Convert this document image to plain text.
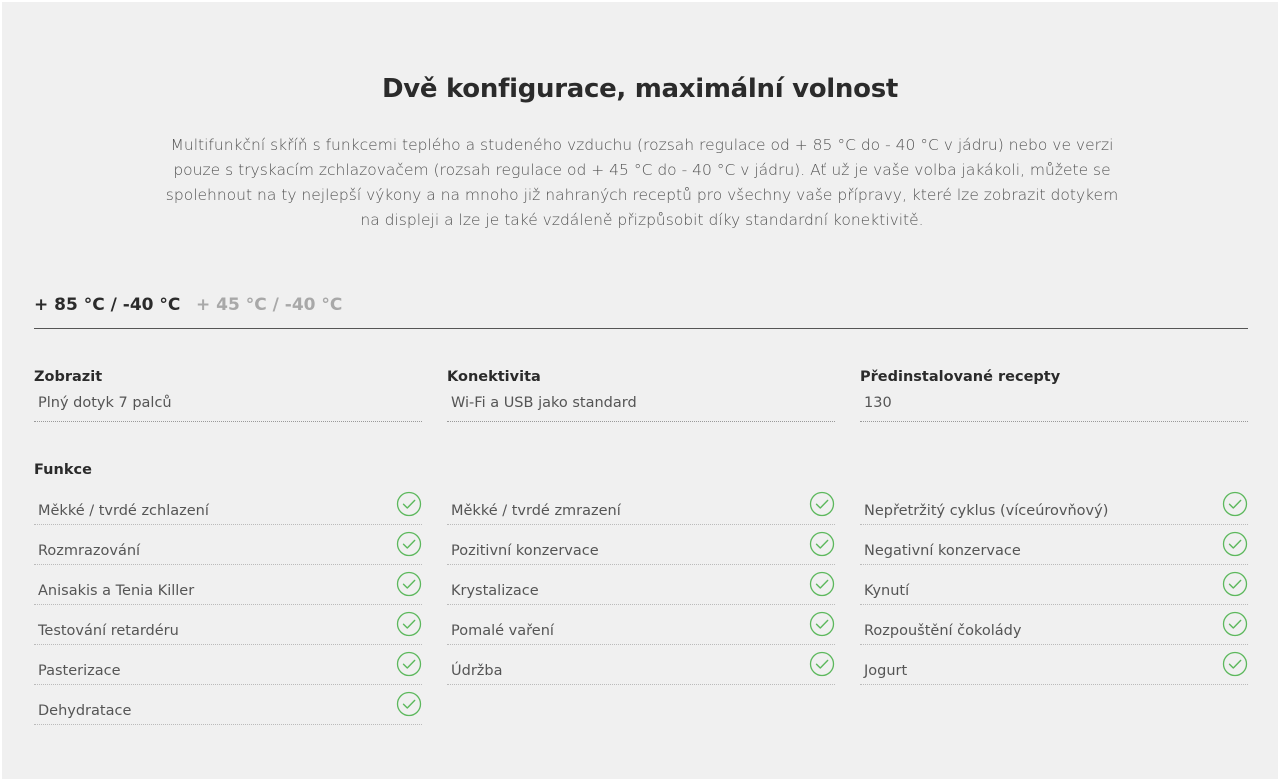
Dvě konfigurace, maximální volnost

Multifunkční skříň s funkcemi teplého a studeného vzduchu (rozsah regulace od + 85 °C do - 40 °C v jádru) nebo ve verzi pouze s tryskacím zchlazovačem (rozsah regulace od + 45 °C do - 40 °C v jádru). Ať už je vaše volba jakákoli, můžete se spolehnout na ty nejlepší výkony a na mnoho již nahraných receptů pro všechny vaše přípravy, které lze zobrazit dotykem na displeji a lze je také vzdáleně přizpůsobit díky standardní konektivitě.

+ 85 °C / -40 °C + 45 °C / -40 °C
Zobrazit
Plný dotyk 7 palců
Konektivita
Wi-Fi a USB jako standard
Předinstalované recepty
130
Funkce
Měkké / tvrdé zchlazení
Rozmrazování
Anisakis a Tenia Killer
Testování retardéru
Pasterizace
Dehydratace
Měkké / tvrdé zmrazení
Pozitivní konzervace
Krystalizace
Pomalé vaření
Údržba
Nepřetržitý cyklus (víceúrovňový)
Negativní konzervace
Kynutí
Rozpouštění čokolády
Jogurt
